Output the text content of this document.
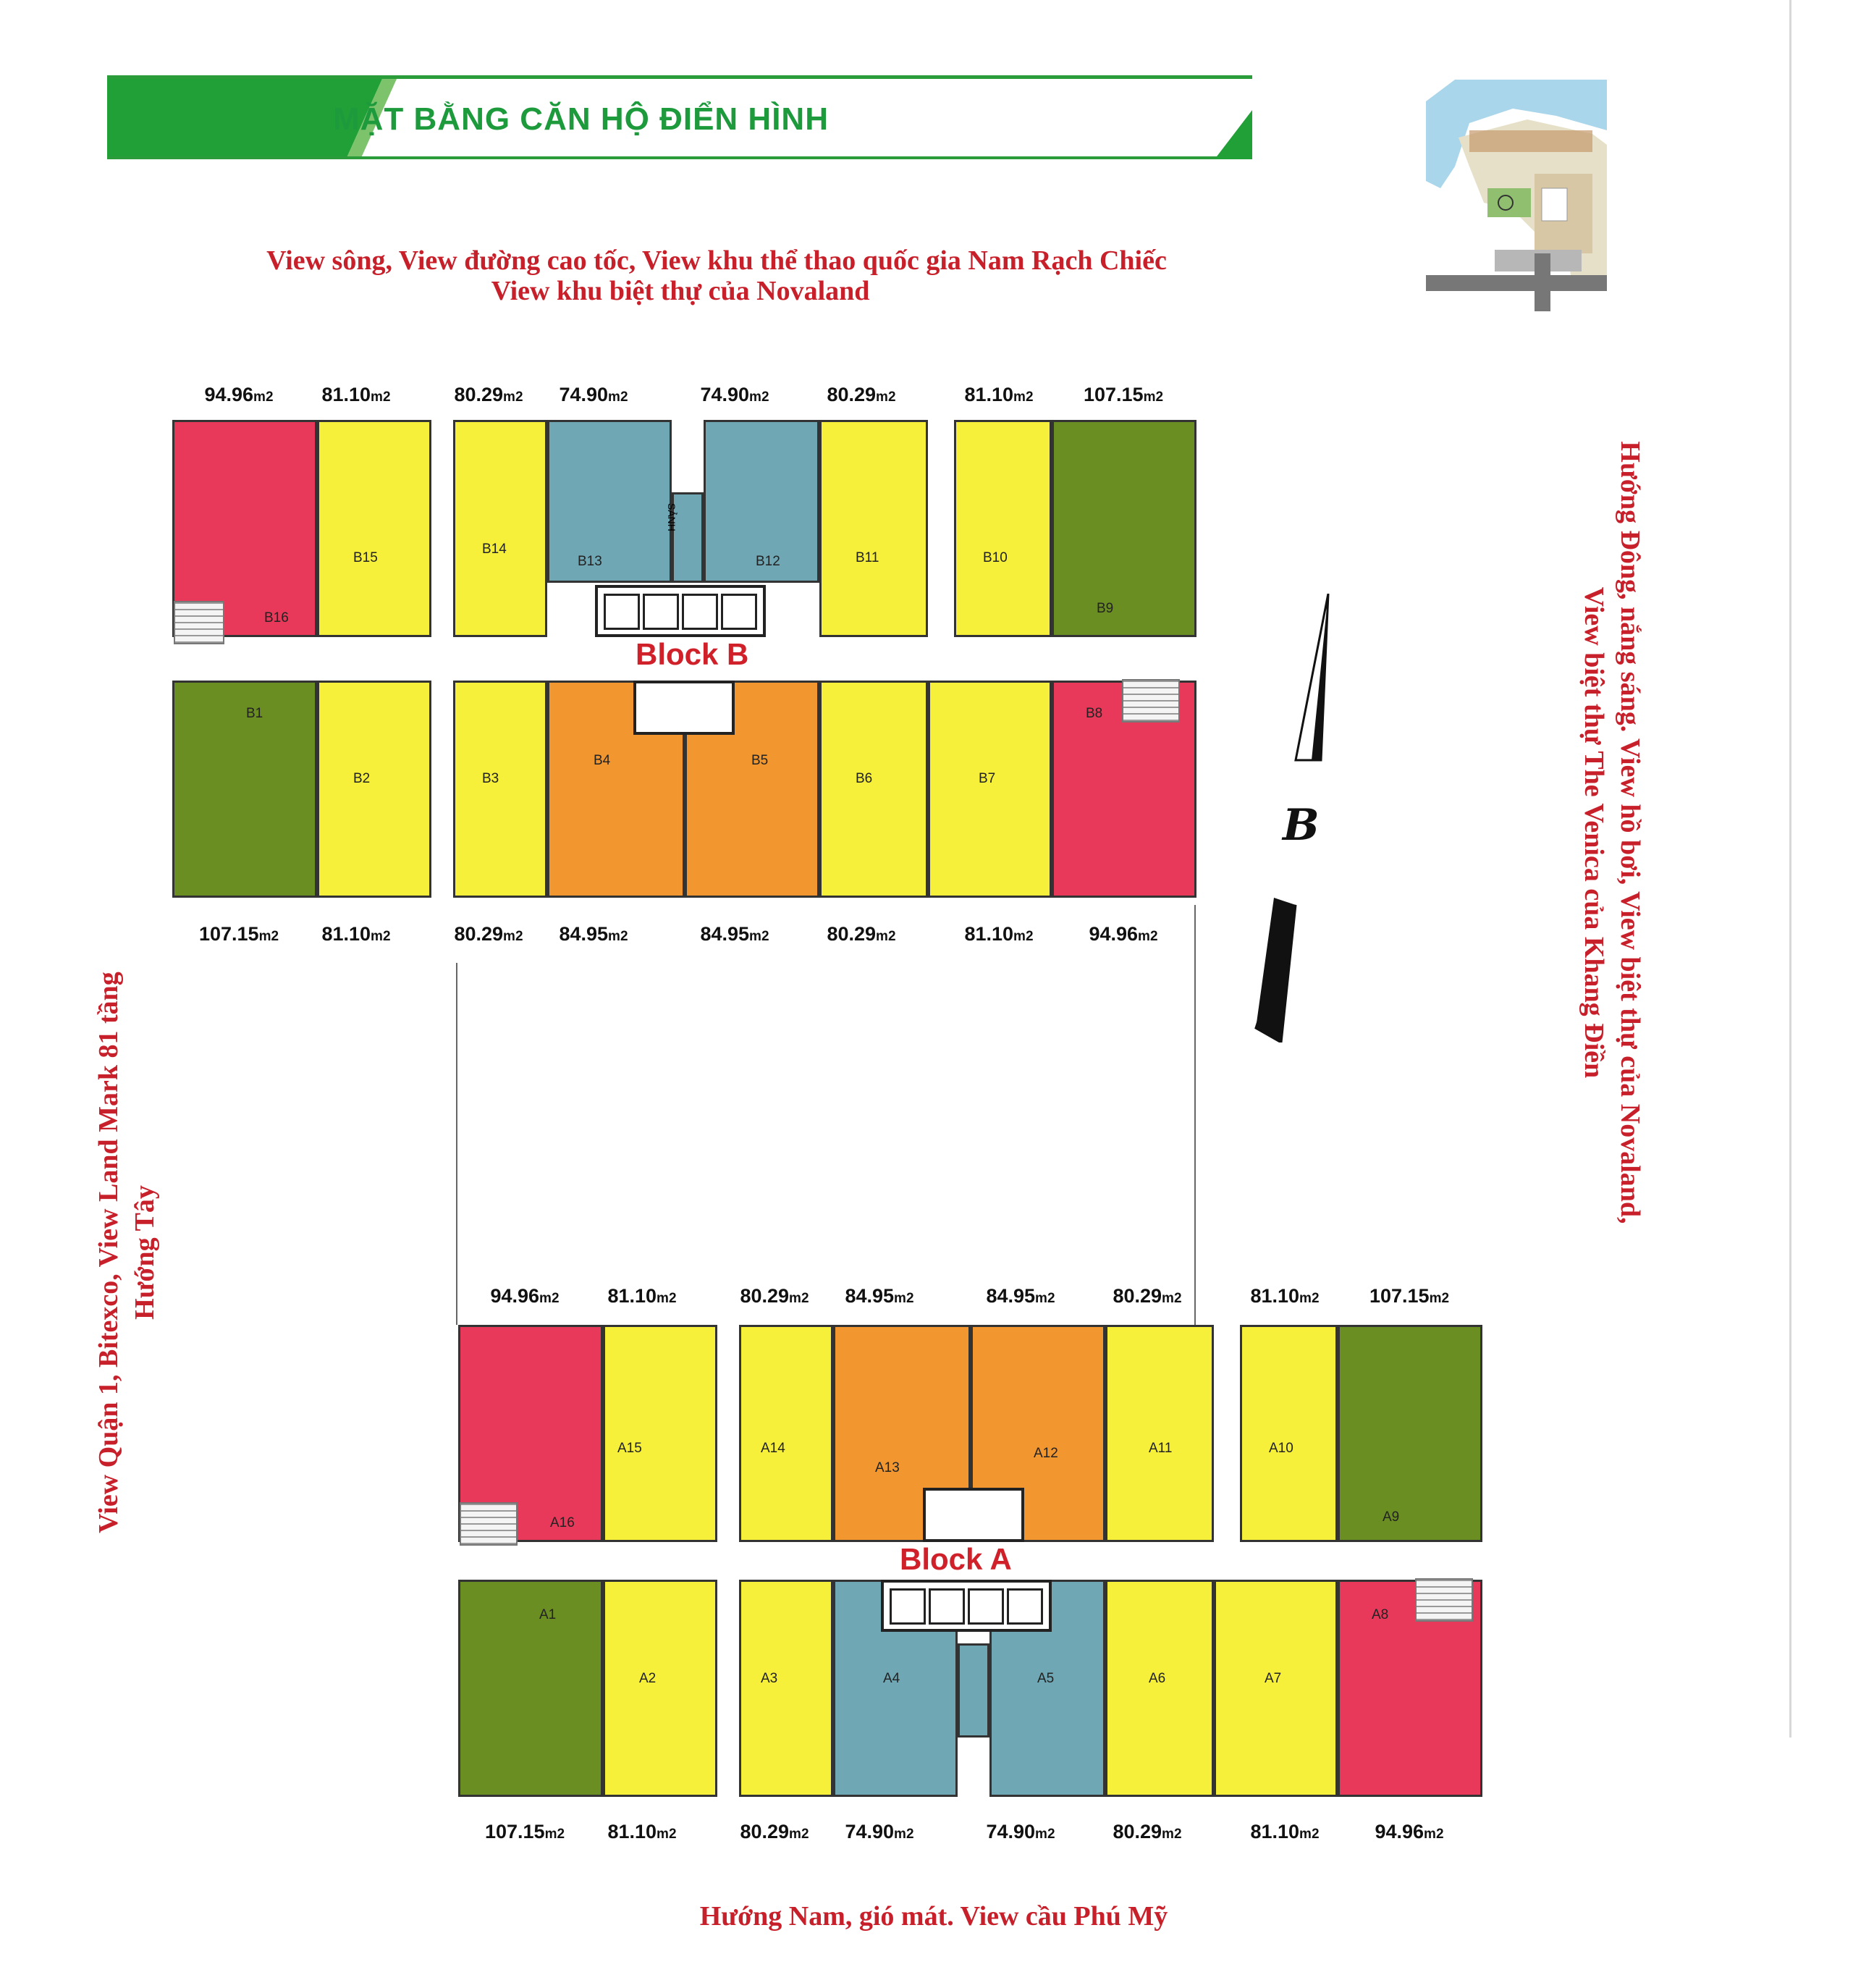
MẶT BẰNG CĂN HỘ ĐIỂN HÌNH
View sông, View đường cao tốc, View khu thể thao quốc gia Nam Rạch Chiếc
View khu biệt thự của Novaland
Hướng Đông, nắng sáng. View hồ bơi, View biệt thự của Novaland,
View biệt thự The Venica của Khang Điền
View Quận 1, Bitexco, View Land Mark 81 tầng Hướng Tây
Hướng Nam, gió mát. View cầu Phú Mỹ
B
94.96m2 81.10m2	80.29m2 74.90m2	74.90m2	80.29m2	81.10m2	107.15m2
SẢNH
B16
B15
B14
B13	B12	B11	B10
B9
Block B
B1
B2	B3
B4	B5
B6	B7
B8
107.15m2 81.10m2	80.29m2 84.95m2	84.95m2	80.29m2	81.10m2	94.96m2
94.96m2 81.10m2	80.29m2 84.95m2	84.95m2	80.29m2	81.10m2	107.15m2
A16
A15	A14
A13
A12	A11	A10
A9
Block A
A1
A2	A3	A4	A5	A6	A7
A8
107.15m2 81.10m2	80.29m2 74.90m2	74.90m2	80.29m2	81.10m2	94.96m2
